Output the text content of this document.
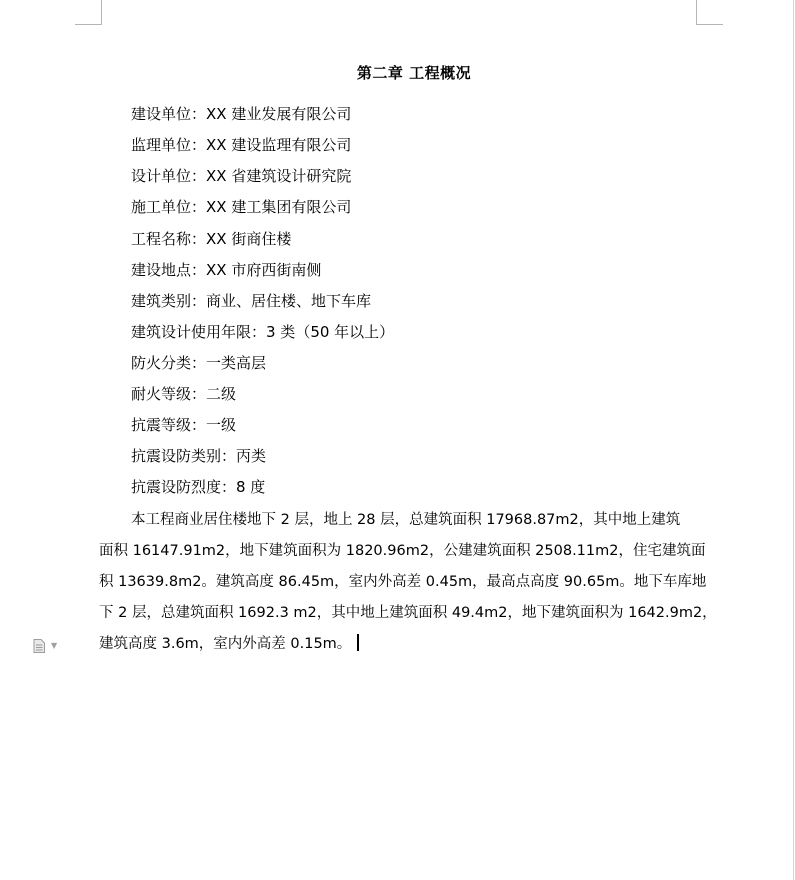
第二章 工程概况
建设单位：XX 建业发展有限公司
监理单位：XX 建设监理有限公司
设计单位：XX 省建筑设计研究院
施工单位：XX 建工集团有限公司
工程名称：XX 街商住楼
建设地点：XX 市府西街南侧
建筑类别：商业、居住楼、地下车库
建筑设计使用年限：3 类（50 年以上）
防火分类：一类高层
耐火等级：二级
抗震等级：一级
抗震设防类别：丙类
抗震设防烈度：8 度
本工程商业居住楼地下 2 层，地上 28 层，总建筑面积 17968.87m2，其中地上建筑
面积 16147.91m2，地下建筑面积为 1820.96m2，公建建筑面积 2508.11m2，住宅建筑面
积 13639.8m2。建筑高度 86.45m，室内外高差 0.45m，最高点高度 90.65m。地下车库地
下 2 层，总建筑面积 1692.3 m2，其中地上建筑面积 49.4m2，地下建筑面积为 1642.9m2，
建筑高度 3.6m，室内外高差 0.15m。
▼
